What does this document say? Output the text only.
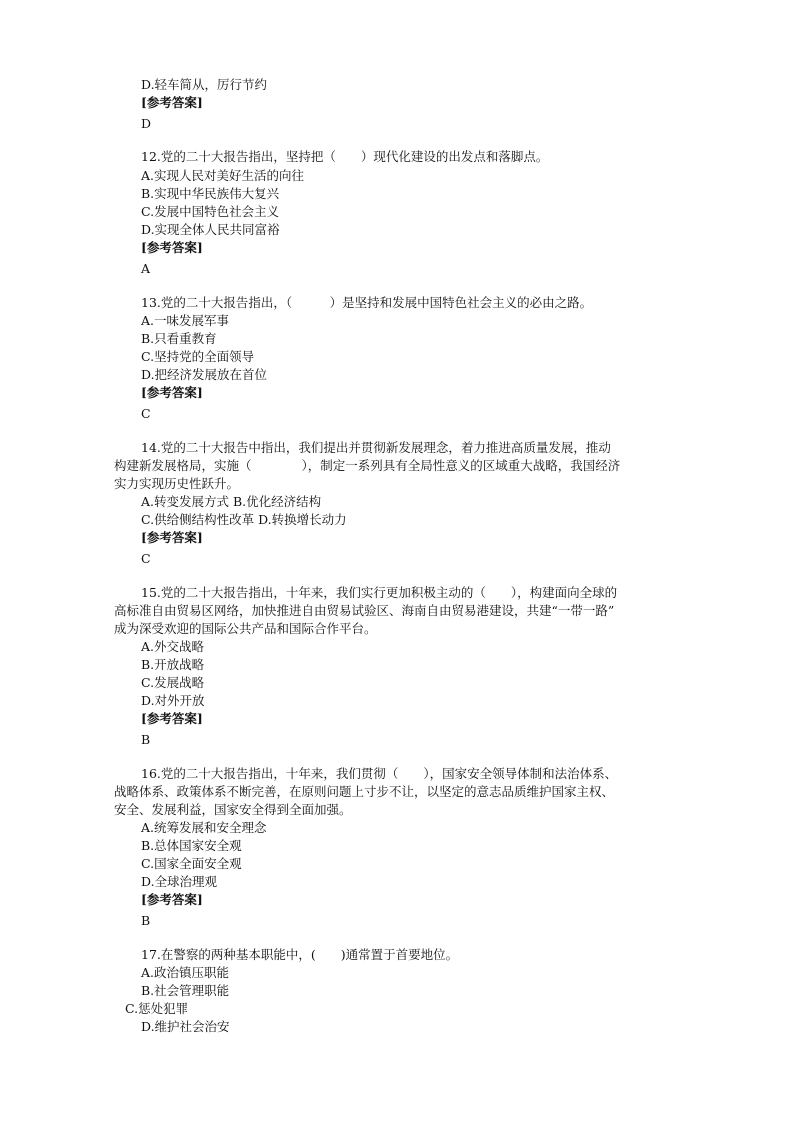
D.轻车简从，厉行节约
[参考答案]
D
12.党的二十大报告指出，坚持把（　　）现代化建设的出发点和落脚点。
A.实现人民对美好生活的向往
B.实现中华民族伟大复兴
C.发展中国特色社会主义
D.实现全体人民共同富裕
[参考答案]
A
13.党的二十大报告指出，（　　　）是坚持和发展中国特色社会主义的必由之路。
A.一味发展军事
B.只看重教育
C.坚持党的全面领导
D.把经济发展放在首位
[参考答案]
C
14.党的二十大报告中指出，我们提出并贯彻新发展理念，着力推进高质量发展，推动
构建新发展格局，实施（　　　　），制定一系列具有全局性意义的区域重大战略，我国经济
实力实现历史性跃升。
A.转变发展方式 B.优化经济结构
C.供给侧结构性改革 D.转换增长动力
[参考答案]
C
15.党的二十大报告指出，十年来，我们实行更加积极主动的（　　），构建面向全球的
高标准自由贸易区网络，加快推进自由贸易试验区、海南自由贸易港建设，共建“一带一路”
成为深受欢迎的国际公共产品和国际合作平台。
A.外交战略
B.开放战略
C.发展战略
D.对外开放
[参考答案]
B
16.党的二十大报告指出，十年来，我们贯彻（　　），国家安全领导体制和法治体系、
战略体系、政策体系不断完善，在原则问题上寸步不让，以坚定的意志品质维护国家主权、
安全、发展利益，国家安全得到全面加强。
A.统筹发展和安全理念
B.总体国家安全观
C.国家全面安全观
D.全球治理观
[参考答案]
B
17.在警察的两种基本职能中，(　　)通常置于首要地位。
A.政治镇压职能
B.社会管理职能
C.惩处犯罪
D.维护社会治安
